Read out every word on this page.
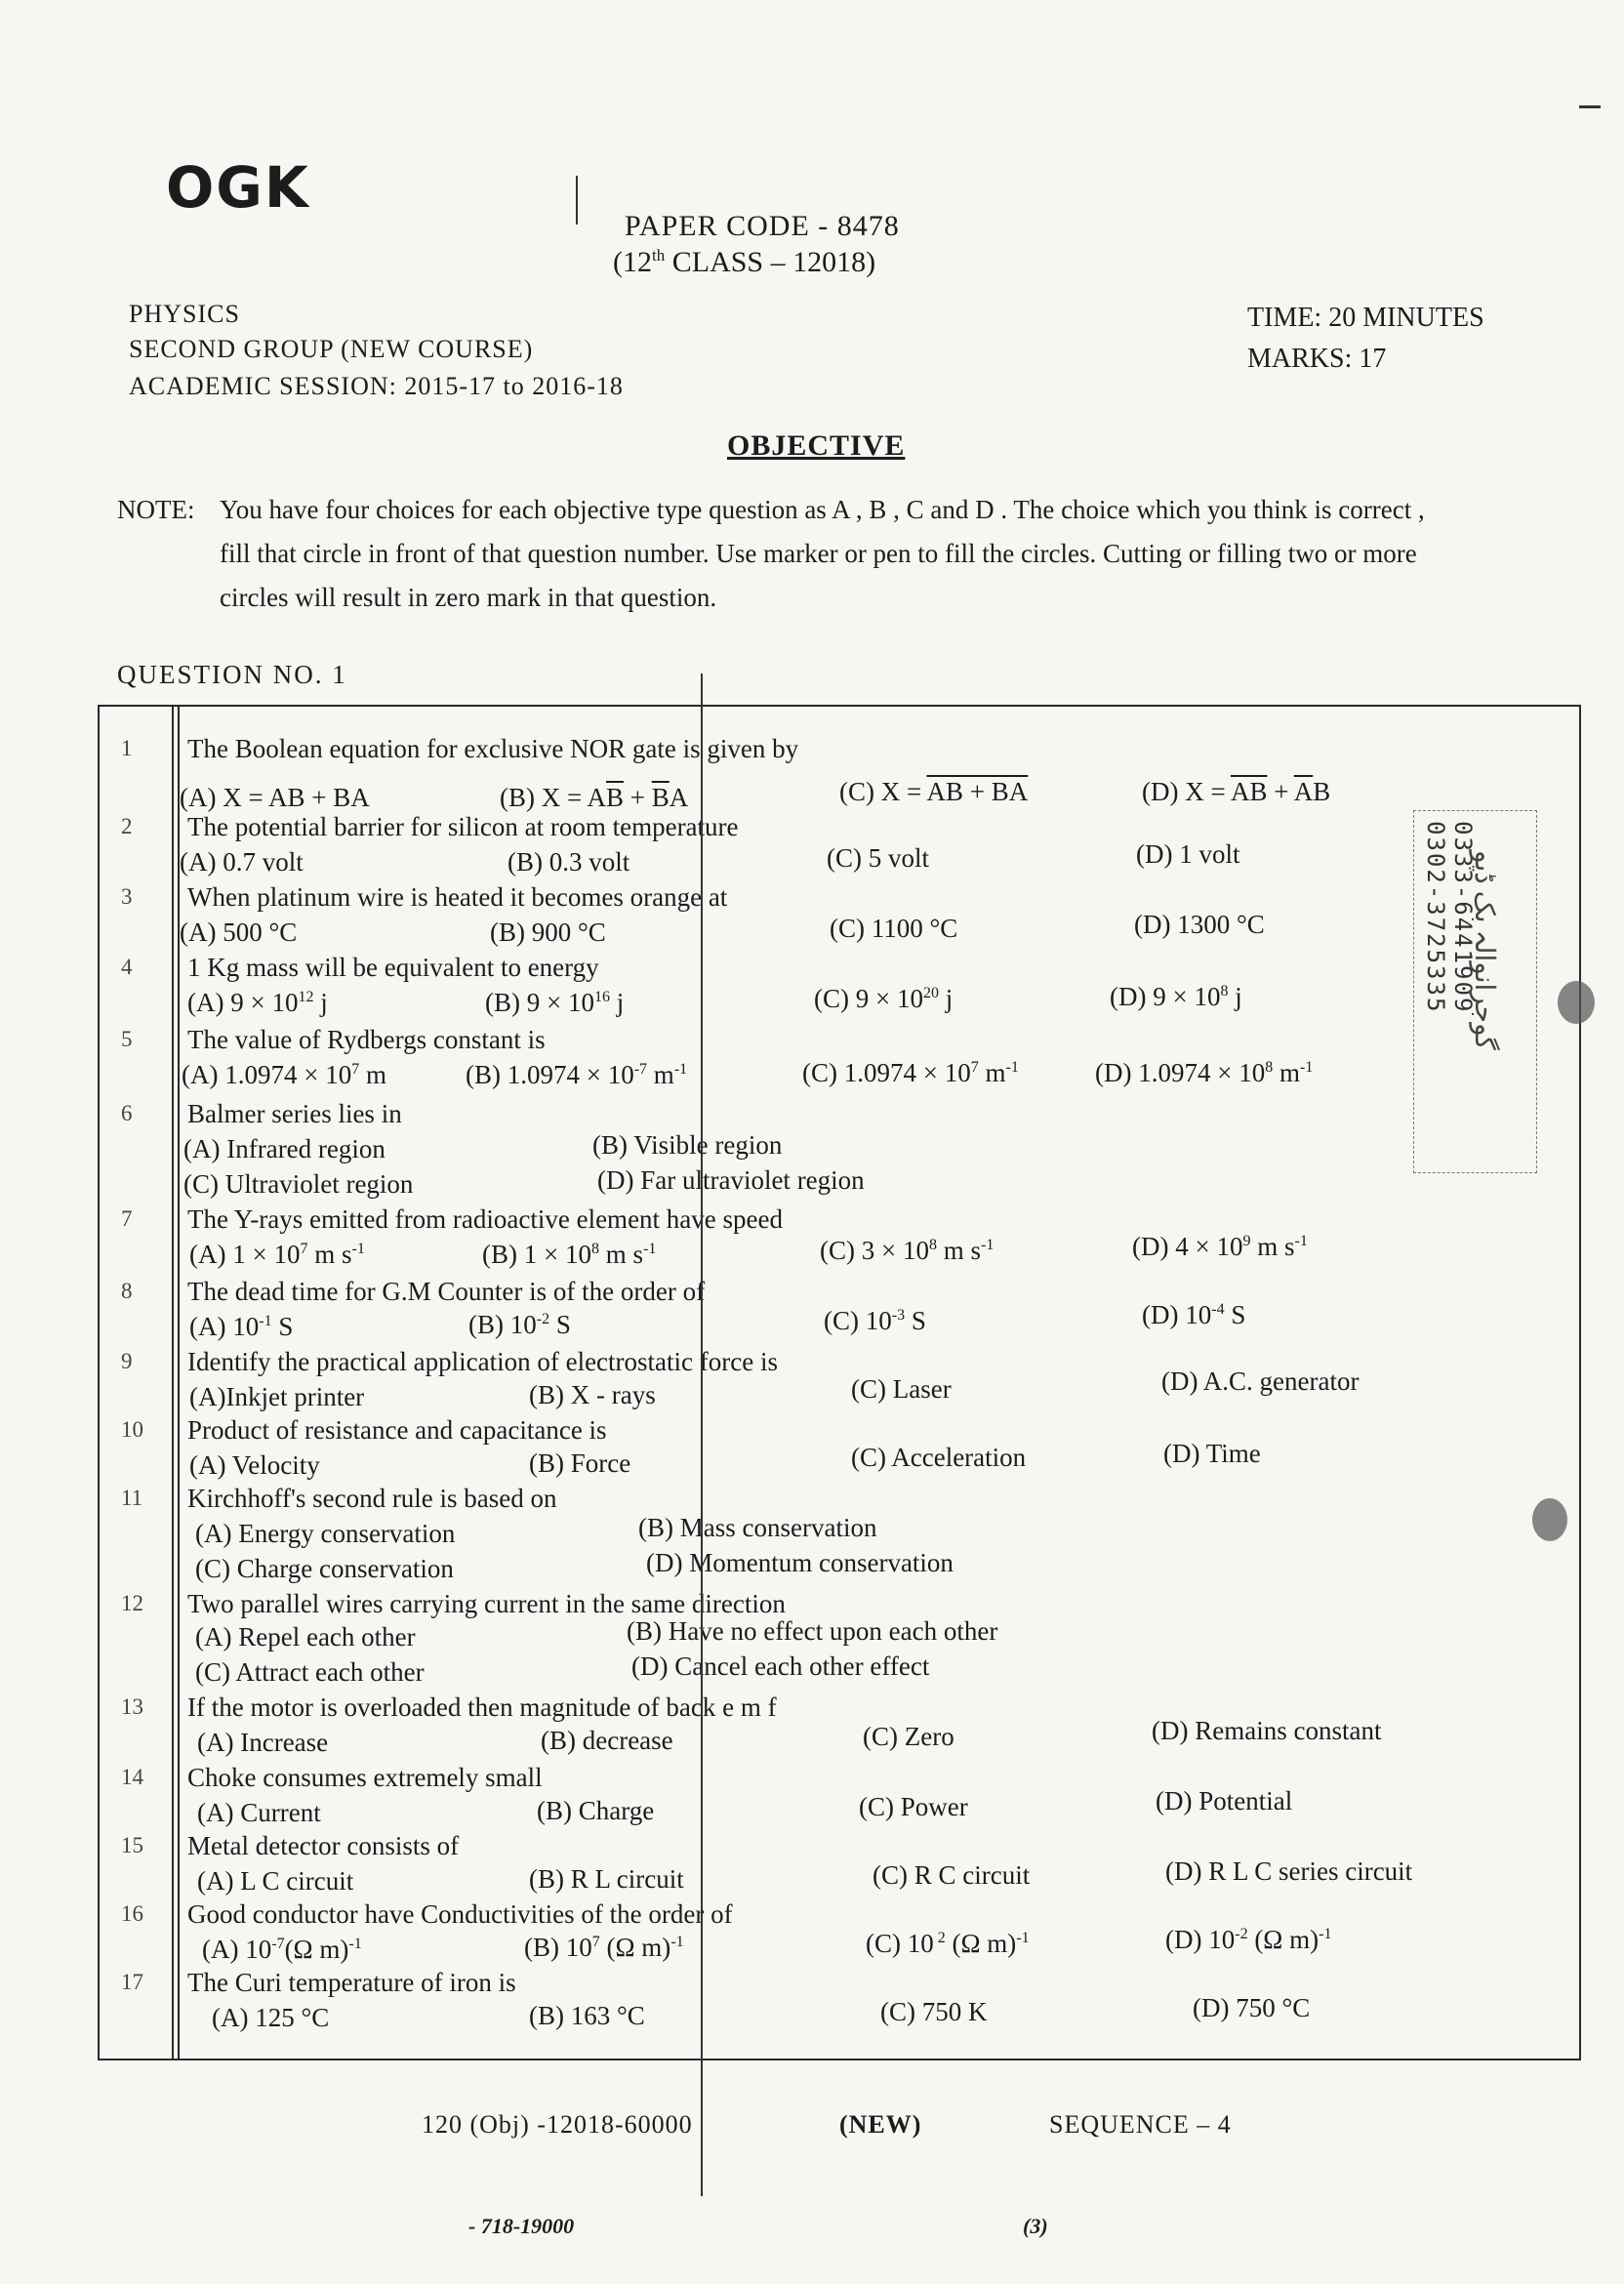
OGK
PAPER CODE - 8478
(12th CLASS – 12018)
PHYSICS
SECOND GROUP (NEW COURSE)
ACADEMIC SESSION: 2015-17 to 2016-18
TIME: 20 MINUTES
MARKS: 17
OBJECTIVE
NOTE: You have four choices for each objective type question as A , B , C and D . The choice which you think is correct , fill that circle in front of that question number. Use marker or pen to fill the circles. Cutting or filling two or more circles will result in zero mark in that question.
QUESTION NO. 1
1 The Boolean equation for exclusive NOR gate is given by
(A) X = AB + BA	(B) $X = A\overline{B} + \overline{B}A$	(C) X = AB + BA	(D) $X = \overline{AB} + \overline{A}B$
2 The potential barrier for silicon at room temperature
(A) 0.7 volt	(B) 0.3 volt	(C) 5 volt	(D) 1 volt
3 When platinum wire is heated it becomes orange at
(A) 500 °C	(B) 900 °C	(C) 1100 °C	(D) 1300 °C
4 1 Kg mass will be equivalent to energy
(A) $9 \times 10^{12}$ j	(B) $9 \times 10^{16}$ j	(C) $9 \times 10^{20}$ j	(D) $9 \times 10^8$ j
5 The value of Rydbergs constant is
(A) $1.0974 \times 10^7$ m	(B) $1.0974 \times 10^{-7}$ $m^{-1}$	(C) $1.0974 \times 10^7$ $m^{-1}$	(D) $1.0974 \times 10^8$ $m^{-1}$
6 Balmer series lies in
(A) Infrared region	(B) Visible region
(C) Ultraviolet region	(D) Far ultraviolet region
7 The Y-rays emitted from radioactive element have speed
(A) $1 \times 10^7$ m $s^{-1}$	(B) $1 \times 10^8$ m $s^{-1}$	(C) $3 \times 10^8$ m $s^{-1}$	(D) $4 \times 10^9$ m $s^{-1}$
8 The dead time for G.M Counter is of the order of
(A) $10^{-1}$ S	(B) $10^{-2}$ S	(C) $10^{-3}$ S	(D) $10^{-4}$ S
9 Identify the practical application of electrostatic force is
(A)Inkjet printer	(B) X - rays	(C) Laser	(D) A.C. generator
10 Product of resistance and capacitance is
(A) Velocity	(B) Force	(C) Acceleration	(D) Time
11 Kirchhoff's second rule is based on
(A) Energy conservation	(B) Mass conservation
(C) Charge conservation	(D) Momentum conservation
12 Two parallel wires carrying current in the same direction
(A) Repel each other	(B) Have no effect upon each other
(C) Attract each other	(D) Cancel each other effect
13 If the motor is overloaded then magnitude of back e m f
(A) Increase	(B) decrease	(C) Zero	(D) Remains constant
14 Choke consumes extremely small
(A) Current	(B) Charge	(C) Power	(D) Potential
15 Metal detector consists of
(A) L C circuit	(B) R L circuit	(C) R C circuit	(D) R L C series circuit
16 Good conductor have Conductivities of the order of
(A) $10^{-7}(\Omega$ m)$^{-1}$	(B) $10^7$ (Ω m)$^{-1}$	(C) 10 $^2$ (Ω m)$^{-1}$	(D) $10^{-2}$ (Ω m)$^{-1}$
17 The Curi temperature of iron is
(A) 125 °C	(B) 163 °C	(C) 750 K	(D) 750 °C
0333-6441909
0302-3725335 گوجرانوالہ بک ڈپو
120 (Obj) -12018-60000	(NEW)	SEQUENCE – 4
- 718-19000	(3)
